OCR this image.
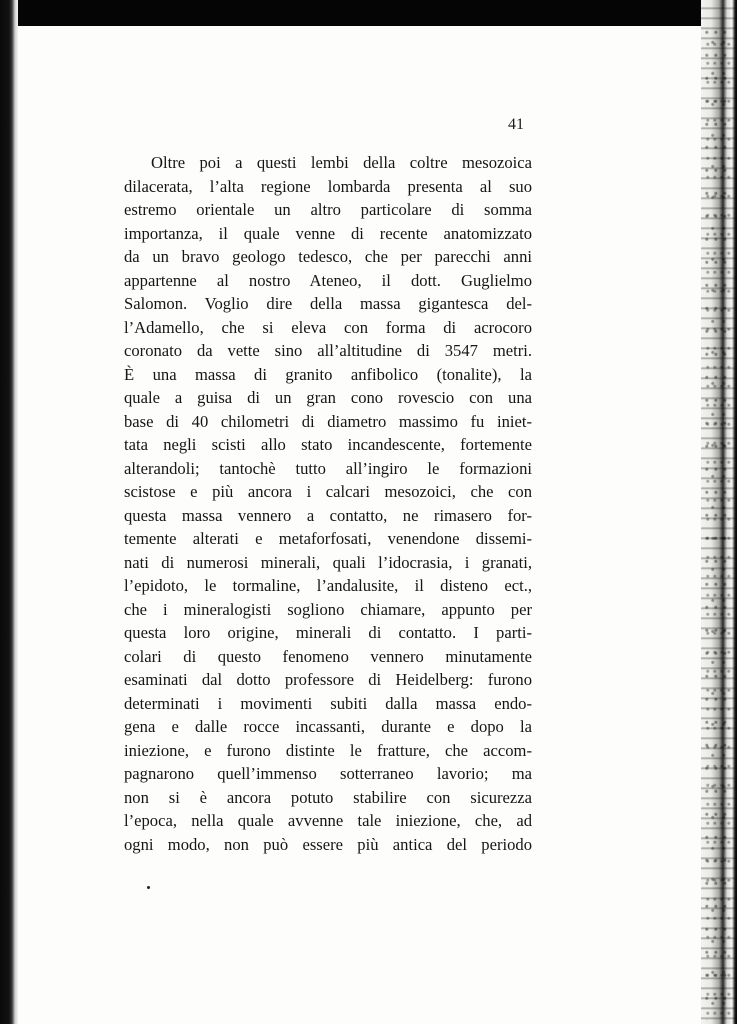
41

Oltre poi a questi lembi della coltre mesozoica
dilacerata, l’alta regione lombarda presenta al suo
estremo orientale un altro particolare di somma
importanza, il quale venne di recente anatomizzato
da un bravo geologo tedesco, che per parecchi anni
appartenne al nostro Ateneo, il dott. Guglielmo
Salomon. Voglio dire della massa gigantesca del-
l’Adamello, che si eleva con forma di acrocoro
coronato da vette sino all’altitudine di 3547 metri.
È una massa di granito anfibolico (tonalite), la
quale a guisa di un gran cono rovescio con una
base di 40 chilometri di diametro massimo fu iniet-
tata negli scisti allo stato incandescente, fortemente
alterandoli; tantochè tutto all’ingiro le formazioni
scistose e più ancora i calcari mesozoici, che con
questa massa vennero a contatto, ne rimasero for-
temente alterati e metaforfosati, venendone dissemi-
nati di numerosi minerali, quali l’idocrasia, i granati,
l’epidoto, le tormaline, l’andalusite, il disteno ect.,
che i mineralogisti sogliono chiamare, appunto per
questa loro origine, minerali di contatto. I parti-
colari di questo fenomeno vennero minutamente
esaminati dal dotto professore di Heidelberg: furono
determinati i movimenti subiti dalla massa endo-
gena e dalle rocce incassanti, durante e dopo la
iniezione, e furono distinte le fratture, che accom-
pagnarono quell’immenso sotterraneo lavorio; ma
non si è ancora potuto stabilire con sicurezza
l’epoca, nella quale avvenne tale iniezione, che, ad
ogni modo, non può essere più antica del periodo
